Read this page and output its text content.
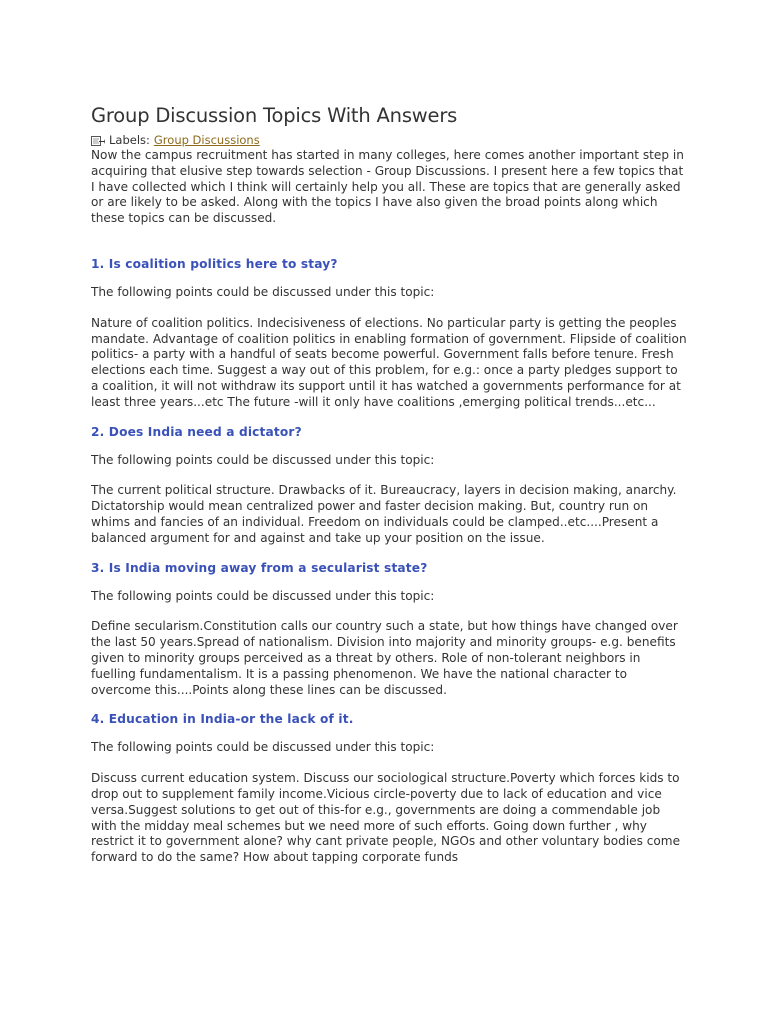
Group Discussion Topics With Answers
Labels: Group Discussions

Now the campus recruitment has started in many colleges, here comes another important step in acquiring that elusive step towards selection - Group Discussions. I present here a few topics that I have collected which I think will certainly help you all. These are topics that are generally asked or are likely to be asked. Along with the topics I have also given the broad points along which these topics can be discussed.

1. Is coalition politics here to stay?

The following points could be discussed under this topic:

Nature of coalition politics. Indecisiveness of elections. No particular party is getting the peoples mandate. Advantage of coalition politics in enabling formation of government. Flipside of coalition politics- a party with a handful of seats become powerful. Government falls before tenure. Fresh elections each time. Suggest a way out of this problem, for e.g.: once a party pledges support to a coalition, it will not withdraw its support until it has watched a governments performance for at least three years...etc The future -will it only have coalitions ,emerging political trends...etc...

2. Does India need a dictator?

The following points could be discussed under this topic:

The current political structure. Drawbacks of it. Bureaucracy, layers in decision making, anarchy. Dictatorship would mean centralized power and faster decision making. But, country run on whims and fancies of an individual. Freedom on individuals could be clamped..etc....Present a balanced argument for and against and take up your position on the issue.

3. Is India moving away from a secularist state?

The following points could be discussed under this topic:

Define secularism.Constitution calls our country such a state, but how things have changed over the last 50 years.Spread of nationalism. Division into majority and minority groups- e.g. benefits given to minority groups perceived as a threat by others. Role of non-tolerant neighbors in fuelling fundamentalism. It is a passing phenomenon. We have the national character to overcome this....Points along these lines can be discussed.

4. Education in India-or the lack of it.

The following points could be discussed under this topic:

Discuss current education system. Discuss our sociological structure.Poverty which forces kids to drop out to supplement family income.Vicious circle-poverty due to lack of education and vice versa.Suggest solutions to get out of this-for e.g., governments are doing a commendable job with the midday meal schemes but we need more of such efforts. Going down further , why restrict it to government alone? why cant private people, NGOs and other voluntary bodies come forward to do the same? How about tapping corporate funds
